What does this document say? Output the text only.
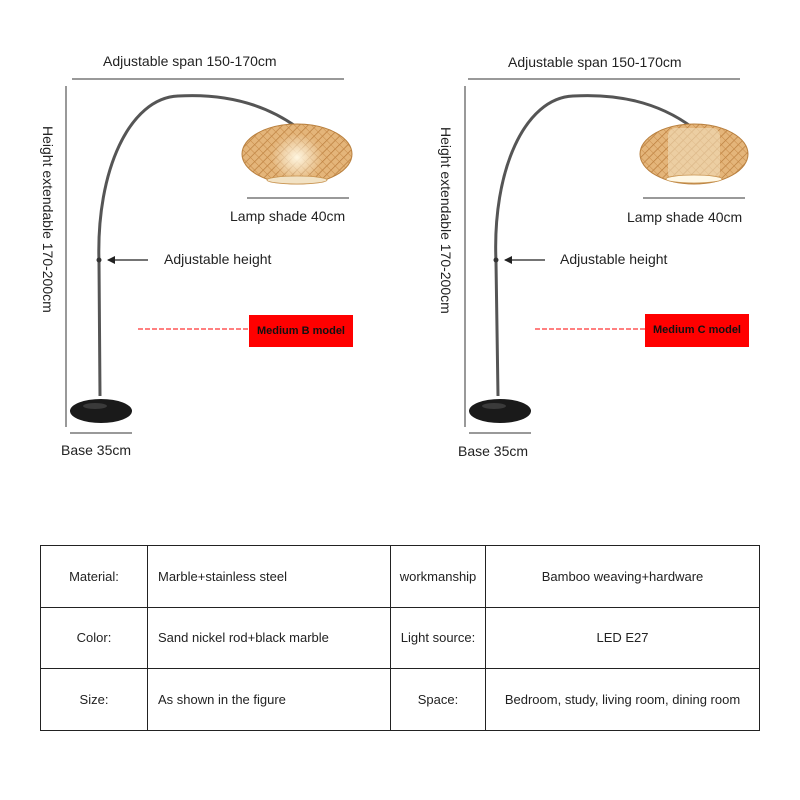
Adjustable span 150-170cm
Height extendable 170-200cm	Lamp shade 40cm
Adjustable height
Medium B model
Base 35cm
Adjustable span 150-170cm
Height extendable 170-200cm	Lamp shade 40cm
Adjustable height
Medium C model
Base 35cm
Material:	Marble+stainless steel	workmanship	Bamboo weaving+hardware
Color:	Sand nickel rod+black marble	Light source:	LED E27
Size:	As shown in the figure	Space:	Bedroom, study, living room, dining room
